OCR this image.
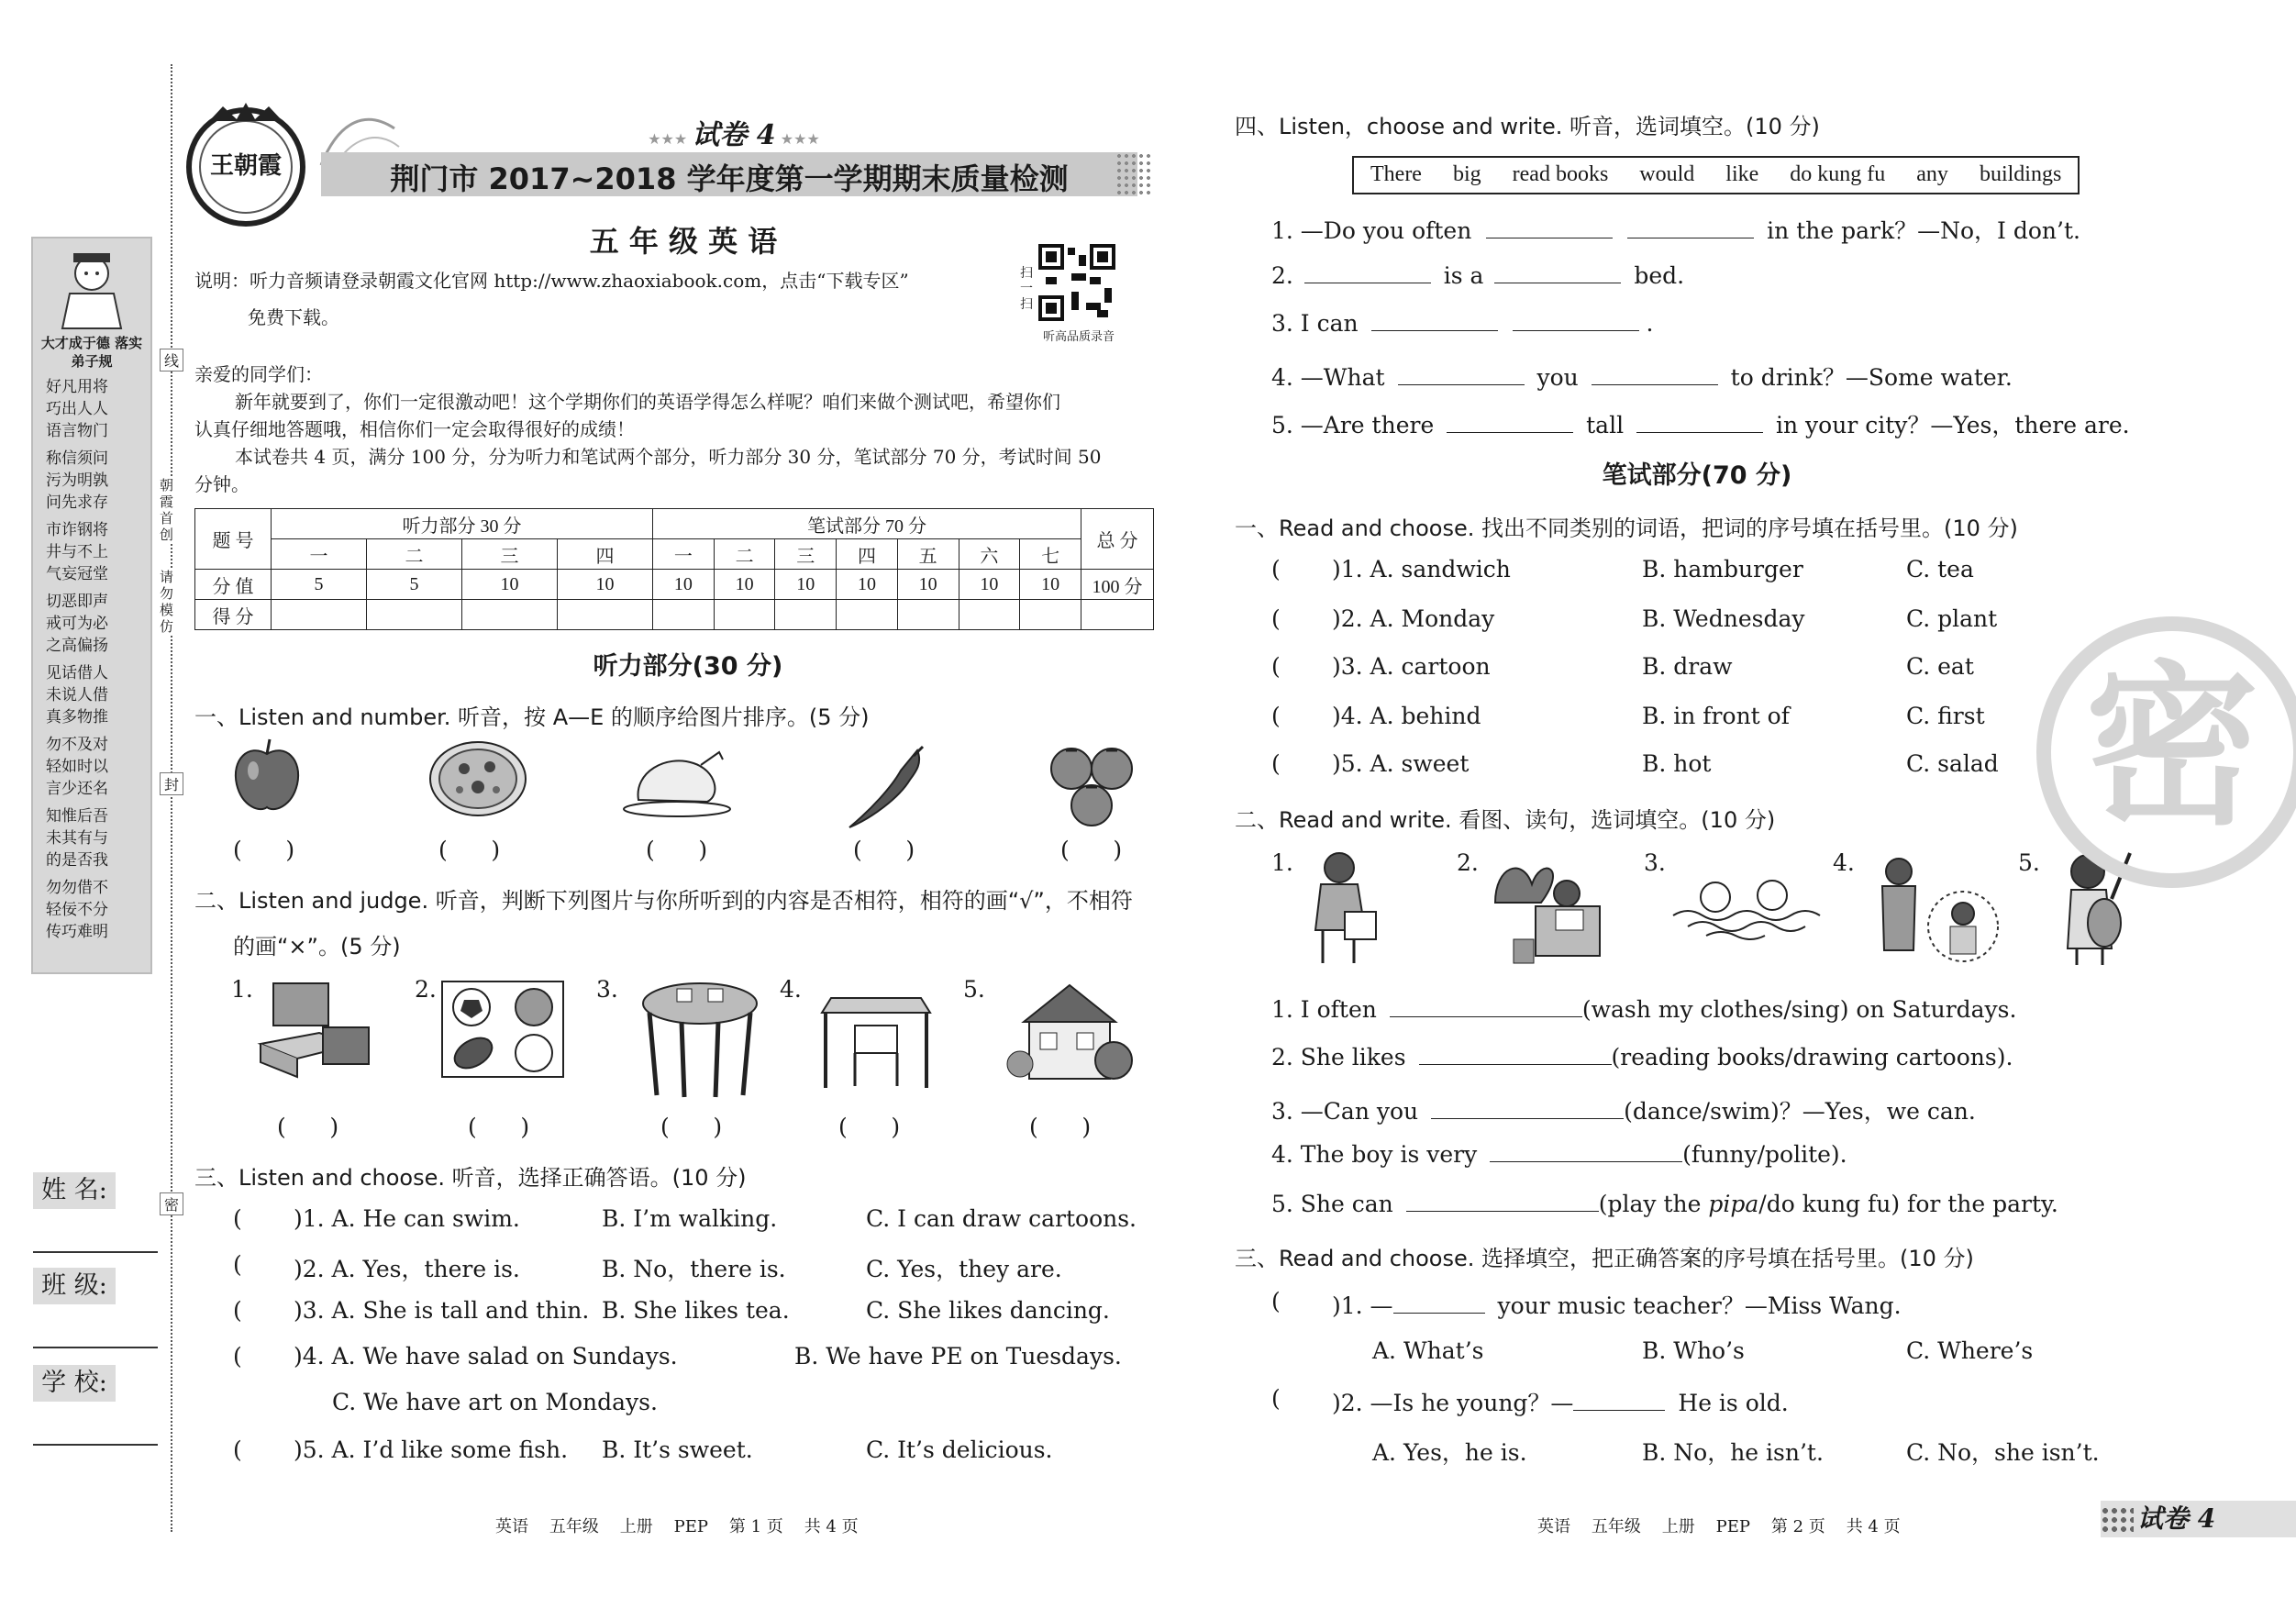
大才成于德 落实弟子规
好凡用将
巧出人人
语言物门
称信须问
污为明孰
问先求存
市诈钢将
井与不上
气妄冠堂
切恶即声
戒可为必
之高偏扬
见话借人
未说人借
真多物推
勿不及对
轻如时以
言少还名
知惟后吾
未其有与
的是否我
勿勿借不
轻佞不分
传巧难明
线
朝霞首创
请勿模仿
封
密
姓 名:
班 级:
学 校:
王朝霞
★★★ 试卷 4 ★★★
荆门市 2017~2018 学年度第一学期期末质量检测
五 年 级 英 语
说明：听力音频请登录朝霞文化官网 http://www.zhaoxiabook.com，点击“下载专区”
免费下载。
扫一扫
听高品质录音
亲爱的同学们：
新年就要到了，你们一定很激动吧！这个学期你们的英语学得怎么样呢？咱们来做个测试吧，希望你们
认真仔细地答题哦，相信你们一定会取得很好的成绩！
本试卷共 4 页，满分 100 分，分为听力和笔试两个部分，听力部分 30 分，笔试部分 70 分，考试时间 50
分钟。
题 号	听力部分 30 分				笔试部分 70 分							总 分
	一	二	三	四	一	二	三	四	五	六	七	
分 值	5	5	10	10	10	10	10	10	10	10	10	100 分
得 分												
听力部分(30 分)
一、Listen and number. 听音，按 A—E 的顺序给图片排序。(5 分)
(      )	(      )	(      )	(      )	(      )
二、Listen and judge. 听音，判断下列图片与你所听到的内容是否相符，相符的画“√”，不相符
的画“×”。(5 分)
1.	2.	3.	4.	5.
(      )	(      )	(      )	(      )	(      )
三、Listen and choose. 听音，选择正确答语。(10 分)
( )1. A. He can swim.	B. I’m walking.	C. I can draw cartoons.
( )2. A. Yes，there is.	B. No，there is.	C. Yes，they are.
( )3. A. She is tall and thin. B. She likes tea.	C. She likes dancing.
( )4. A. We have salad on Sundays.	B. We have PE on Tuesdays.
C. We have art on Mondays.
( )5. A. I’d like some fish. B. It’s sweet.	C. It’s delicious.
英语    五年级    上册    PEP    第 1 页    共 4 页
四、Listen，choose and write. 听音，选词填空。(10 分)
There big read books would like do kung fu any buildings
1. —Do you often	in the park？—No，I don’t.
2.	is a	bed.
3. I can	.
4. —What	you	to drink？—Some water.
5. —Are there	tall	in your city？—Yes，there are.
笔试部分(70 分)
一、Read and choose. 找出不同类别的词语，把词的序号填在括号里。(10 分)
( )1. A. sandwich	B. hamburger	C. tea
( )2. A. Monday	B. Wednesday	C. plant
( )3. A. cartoon	B. draw	C. eat
( )4. A. behind	B. in front of	C. first
( )5. A. sweet	B. hot	C. salad
二、Read and write. 看图、读句，选词填空。(10 分)
1.	2.	3.	4.	5.
1. I often	(wash my clothes/sing) on Saturdays.
2. She likes	(reading books/drawing cartoons).
3. —Can you	(dance/swim)？—Yes，we can.
4. The boy is very	(funny/polite).
5. She can	(play the pipa/do kung fu) for the party.
三、Read and choose. 选择填空，把正确答案的序号填在括号里。(10 分)
( )1. —	your music teacher？—Miss Wang.
A. What’s	B. Who’s	C. Where’s
( )2. —Is he young？—	He is old.
A. Yes，he is.	B. No，he isn’t.	C. No，she isn’t.
密
英语    五年级    上册    PEP    第 2 页    共 4 页	试卷 4
